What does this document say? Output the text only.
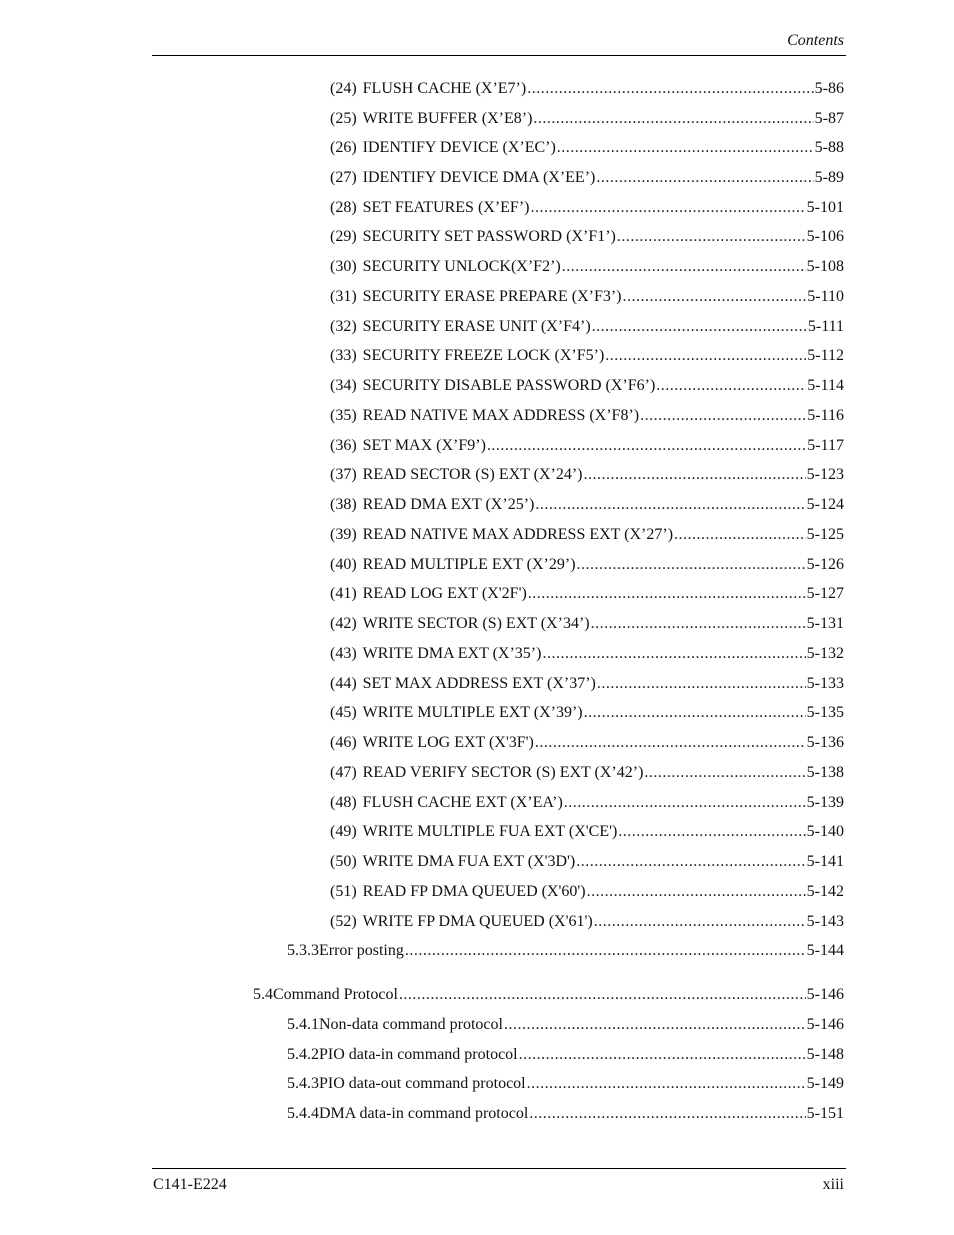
Contents
(24) FLUSH CACHE (X’E7’) .....	5-86
(25) WRITE BUFFER (X’E8’) .....	5-87
(26) IDENTIFY DEVICE (X’EC’) .....	5-88
(27) IDENTIFY DEVICE DMA (X’EE’) .....	5-89
(28) SET FEATURES (X’EF’) .....	5-101
(29) SECURITY SET PASSWORD (X’F1’) .....	5-106
(30) SECURITY UNLOCK(X’F2’) .....	5-108
(31) SECURITY ERASE PREPARE (X’F3’) .....	5-110
(32) SECURITY ERASE UNIT (X’F4’) .....	5-111
(33) SECURITY FREEZE LOCK (X’F5’) .....	5-112
(34) SECURITY DISABLE PASSWORD (X’F6’) .....	5-114
(35) READ NATIVE MAX ADDRESS (X’F8’) .....	5-116
(36) SET MAX (X’F9’) .....	5-117
(37) READ SECTOR (S) EXT (X’24’) .....	5-123
(38) READ DMA EXT (X’25’) .....	5-124
(39) READ NATIVE MAX ADDRESS EXT (X’27’) .....	5-125
(40) READ MULTIPLE EXT (X’29’) .....	5-126
(41) READ LOG EXT (X'2F') .....	5-127
(42) WRITE SECTOR (S) EXT (X’34’) .....	5-131
(43) WRITE DMA EXT (X’35’) .....	5-132
(44) SET MAX ADDRESS EXT (X’37’) .....	5-133
(45) WRITE MULTIPLE EXT (X’39’) .....	5-135
(46) WRITE LOG EXT (X'3F') .....	5-136
(47) READ VERIFY SECTOR (S) EXT (X’42’) .....	5-138
(48) FLUSH CACHE EXT (X’EA’) .....	5-139
(49) WRITE MULTIPLE FUA EXT (X'CE') .....	5-140
(50) WRITE DMA FUA EXT (X'3D') .....	5-141
(51) READ FP DMA QUEUED (X'60') .....	5-142
(52) WRITE FP DMA QUEUED (X'61') .....	5-143
5.3.3 Error posting .....	5-144
5.4 Command Protocol .....	5-146
5.4.1 Non-data command protocol .....	5-146
5.4.2 PIO data-in command protocol .....	5-148
5.4.3 PIO data-out command protocol .....	5-149
5.4.4 DMA data-in command protocol .....	5-151
C141-E224	xiii
